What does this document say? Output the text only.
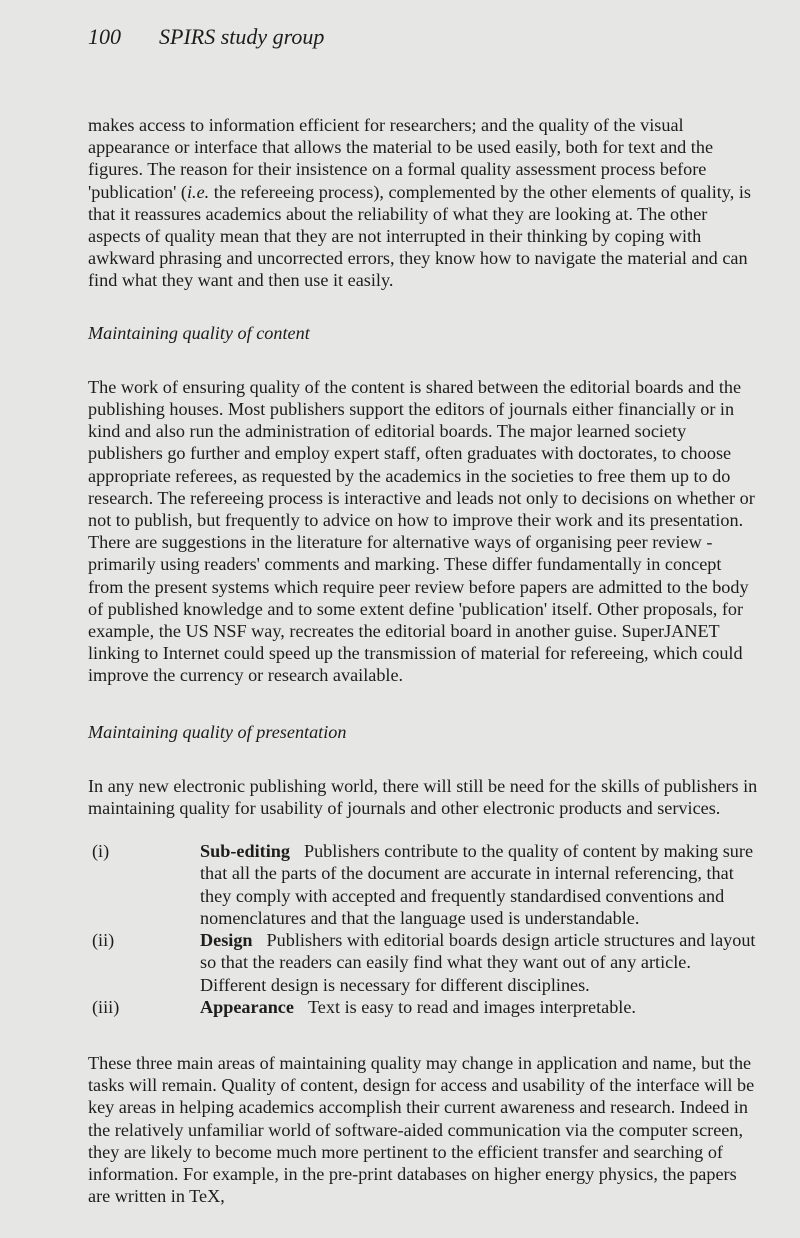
100 SPIRS study group

makes access to information efficient for researchers; and the quality of the visual appearance or interface that allows the material to be used easily, both for text and the figures. The reason for their insistence on a formal quality assessment process before 'publication' (i.e. the refereeing process), complemented by the other elements of quality, is that it reassures academics about the reliability of what they are looking at. The other aspects of quality mean that they are not interrupted in their thinking by coping with awkward phrasing and uncorrected errors, they know how to navigate the material and can find what they want and then use it easily.

Maintaining quality of content

The work of ensuring quality of the content is shared between the editorial boards and the publishing houses. Most publishers support the editors of journals either financially or in kind and also run the administration of editorial boards. The major learned society publishers go further and employ expert staff, often graduates with doctorates, to choose appropriate referees, as requested by the academics in the societies to free them up to do research. The refereeing process is interactive and leads not only to decisions on whether or not to publish, but frequently to advice on how to improve their work and its presentation. There are suggestions in the literature for alternative ways of organising peer review - primarily using readers' comments and marking. These differ fundamentally in concept from the present systems which require peer review before papers are admitted to the body of published knowledge and to some extent define 'publication' itself. Other proposals, for example, the US NSF way, recreates the editorial board in another guise. SuperJANET linking to Internet could speed up the transmission of material for refereeing, which could improve the currency or research available.

Maintaining quality of presentation

In any new electronic publishing world, there will still be need for the skills of publishers in maintaining quality for usability of journals and other electronic products and services.

(i)	Sub-editing Publishers contribute to the quality of content by making sure that all the parts of the document are accurate in internal referencing, that they comply with accepted and frequently standardised conventions and nomenclatures and that the language used is understandable.
(ii)	Design Publishers with editorial boards design article structures and layout so that the readers can easily find what they want out of any article. Different design is necessary for different disciplines.
(iii)	Appearance Text is easy to read and images interpretable.

These three main areas of maintaining quality may change in application and name, but the tasks will remain. Quality of content, design for access and usability of the interface will be key areas in helping academics accomplish their current awareness and research. Indeed in the relatively unfamiliar world of software-aided communication via the computer screen, they are likely to become much more pertinent to the efficient transfer and searching of information. For example, in the pre-print databases on higher energy physics, the papers are written in TeX,
